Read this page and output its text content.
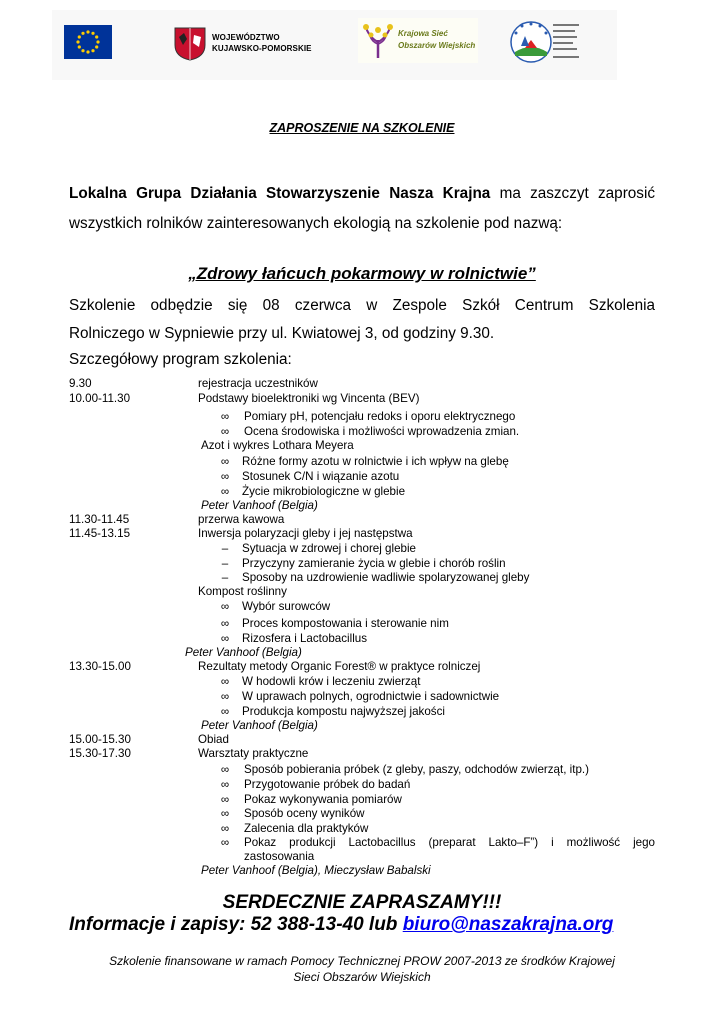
WOJEWÓDZTWO
KUJAWSKO-POMORSKIE
Krajowa Sieć
Obszarów Wiejskich
ZAPROSZENIE NA SZKOLENIE
Lokalna Grupa Działania Stowarzyszenie Nasza Krajna ma zaszczyt zaprosić
wszystkich rolników zainteresowanych ekologią na szkolenie pod nazwą:
„Zdrowy łańcuch pokarmowy w rolnictwie”
Szkolenie odbędzie się 08 czerwca w Zespole Szkół Centrum Szkolenia
Rolniczego w Sypniewie przy ul. Kwiatowej 3, od godziny 9.30.
Szczegółowy program szkolenia:
9.30	rejestracja uczestników
10.00-11.30	Podstawy bioelektroniki wg Vincenta (BEV)
∞ Pomiary pH, potencjału redoks i oporu elektrycznego
∞ Ocena środowiska i możliwości wprowadzenia zmian.
Azot i wykres Lothara Meyera
∞ Różne formy azotu w rolnictwie i ich wpływ na glebę
∞ Stosunek C/N i wiązanie azotu
∞ Życie mikrobiologiczne w glebie
Peter Vanhoof (Belgia)
11.30-11.45	przerwa kawowa
11.45-13.15	Inwersja polaryzacji gleby i jej następstwa
– Sytuacja w zdrowej i chorej glebie
– Przyczyny zamieranie życia w glebie i chorób roślin
– Sposoby na uzdrowienie wadliwie spolaryzowanej gleby
Kompost roślinny
∞ Wybór surowców
∞ Proces kompostowania i sterowanie nim
∞ Rizosfera i Lactobacillus
Peter Vanhoof (Belgia)
13.30-15.00	Rezultaty metody Organic Forest® w praktyce rolniczej
∞ W hodowli krów i leczeniu zwierząt
∞ W uprawach polnych, ogrodnictwie i sadownictwie
∞ Produkcja kompostu najwyższej jakości
Peter Vanhoof (Belgia)
15.00-15.30	Obiad
15.30-17.30	Warsztaty praktyczne
∞ Sposób pobierania próbek (z gleby, paszy, odchodów zwierząt, itp.)
∞ Przygotowanie próbek do badań
∞ Pokaz wykonywania pomiarów
∞ Sposób oceny wyników
∞ Zalecenia dla praktyków
∞ Pokaz produkcji Lactobacillus (preparat Lakto–F”) i możliwość jego
zastosowania
Peter Vanhoof (Belgia), Mieczysław Babalski
SERDECZNIE ZAPRASZAMY!!!
Informacje i zapisy: 52 388-13-40 lub biuro@naszakrajna.org
Szkolenie finansowane w ramach Pomocy Technicznej PROW 2007-2013 ze środków Krajowej
Sieci Obszarów Wiejskich
